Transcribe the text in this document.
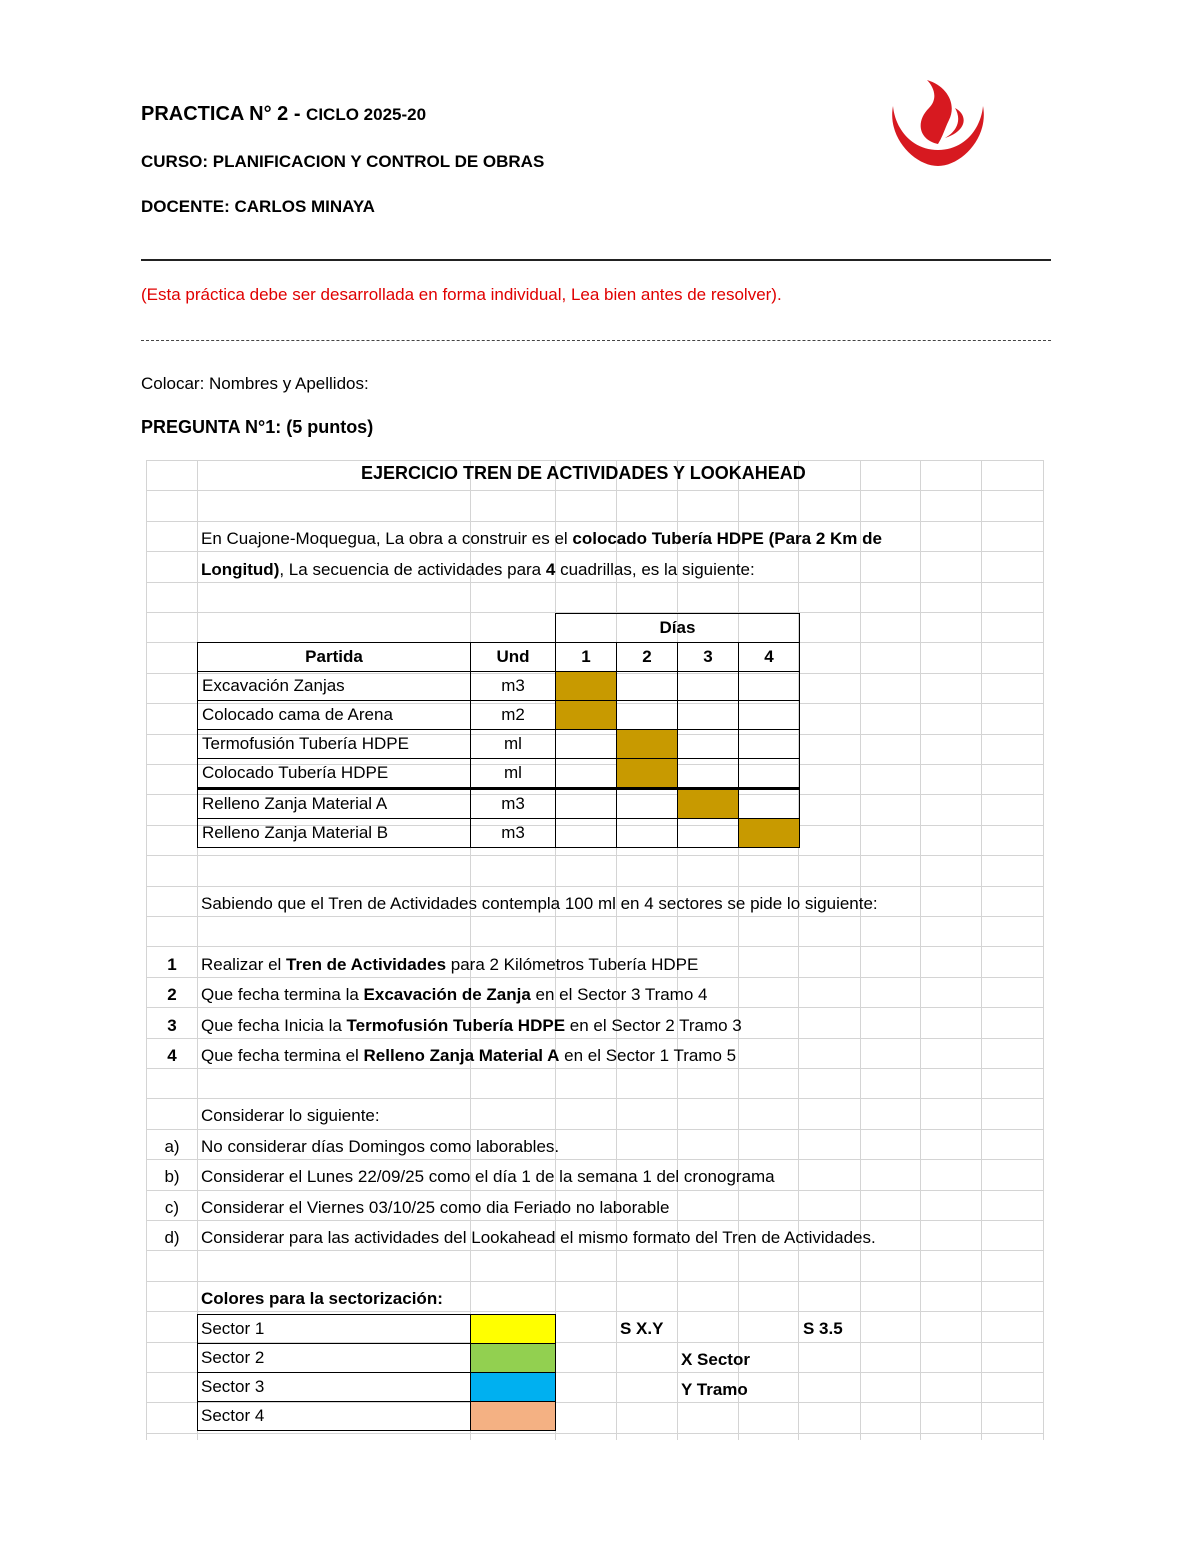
PRACTICA N° 2 - CICLO 2025-20
CURSO: PLANIFICACION Y CONTROL DE OBRAS
DOCENTE: CARLOS MINAYA
(Esta práctica debe ser desarrollada en forma individual, Lea bien antes de resolver).
Colocar: Nombres y Apellidos:
PREGUNTA N°1: (5 puntos)
EJERCICIO TREN DE ACTIVIDADES Y LOOKAHEAD
En Cuajone-Moquegua, La obra a construir es el colocado Tubería HDPE (Para 2 Km de
Longitud), La secuencia de actividades para 4 cuadrillas, es la siguiente:
		Días			
Partida	Und	1	2	3	4
Excavación Zanjas	m3				
Colocado cama de Arena	m2				
Termofusión Tubería HDPE	ml				
Colocado Tubería HDPE	ml				
Relleno Zanja Material A	m3				
Relleno Zanja Material B	m3				
Sabiendo que el Tren de Actividades contempla 100 ml en 4 sectores se pide lo siguiente:
1	Realizar el Tren de Actividades para 2 Kilómetros Tubería HDPE
2	Que fecha termina la Excavación de Zanja en el Sector 3 Tramo 4
3	Que fecha Inicia la Termofusión Tubería HDPE en el Sector 2 Tramo 3
4	Que fecha termina el Relleno Zanja Material A en el Sector 1 Tramo 5
Considerar lo siguiente:
a)	No considerar días Domingos como laborables.
b)	Considerar el Lunes 22/09/25 como el día 1 de la semana 1 del cronograma
c)	Considerar el Viernes 03/10/25 como dia Feriado no laborable
d)	Considerar para las actividades del Lookahead el mismo formato del Tren de Actividades.
Colores para la sectorización:
Sector 1	
Sector 2	
Sector 3	
Sector 4	
S X.Y	S 3.5
X Sector
Y Tramo
